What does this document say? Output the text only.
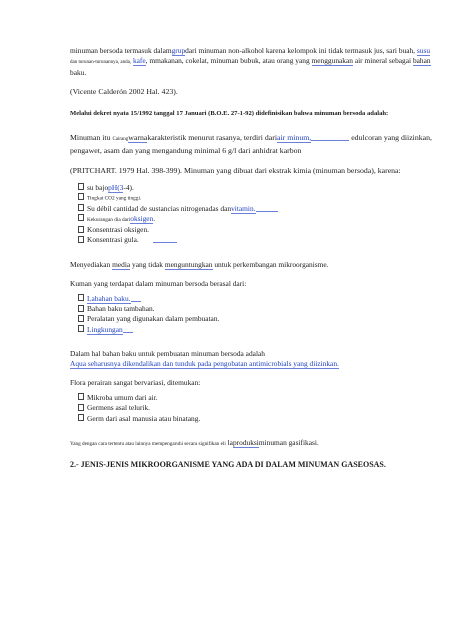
minuman bersoda termasuk dalamgrupdari minuman non-alkohol karena kelompok ini tidak termasuk jus, sari buah, susu dan turunan-turunannya, anda, kafe, mmakanan, cokelat, minuman bubuk, atau orang yang menggunakan air mineral sebagai bahan baku.

(Vicente Calderón 2002 Hal. 423).

Melalui dekret nyata 15/1992 tanggal 17 Januari (B.O.E. 27-1-92) didefinisikan bahwa minuman bersoda adalah:

Minuman itu Cairangwarnakarakteristik menurut rasanya, terdiri dariair minum,	edulcoran yang diizinkan, pengawet, asam dan yang mengandung minimal 6 g/l dari anhidrat karbon

(PRITCHART. 1979 Hal. 398-399). Minuman yang dibuat dari ekstrak kimia (minuman bersoda), karena:

su bajopH(3-4).
Tingkat CO2 yang tinggi.
Su débil cantidad de sustancias nitrogenadas danvitamin.
Kekurangan dia darioksigen.
Konsentrasi oksigen.
Konsentrasi gula.

Menyediakan media yang tidak menguntungkan untuk perkembangan mikroorganisme.

Kuman yang terdapat dalam minuman bersoda berasal dari:

Labahan baku.
Bahan baku tambahan.
Peralatan yang digunakan dalam pembuatan.
Lingkungan

Dalam hal bahan baku untuk pembuatan minuman bersoda adalah
Aqua seharusnya dikendalikan dan tunduk pada pengobatan antimicrobials yang diizinkan.

Flora perairan sangat bervariasi, ditemukan:

Mikroba umum dari air.
Germens asal telurik.
Germ dari asal manusia atau binatang.

Yang dengan cara tertentu atau lainnya mempengaruhi secara signifikan eli laproduksiminuman gasifikasi.

2.- JENIS-JENIS MIKROORGANISME YANG ADA DI DALAM MINUMAN GASEOSAS.
